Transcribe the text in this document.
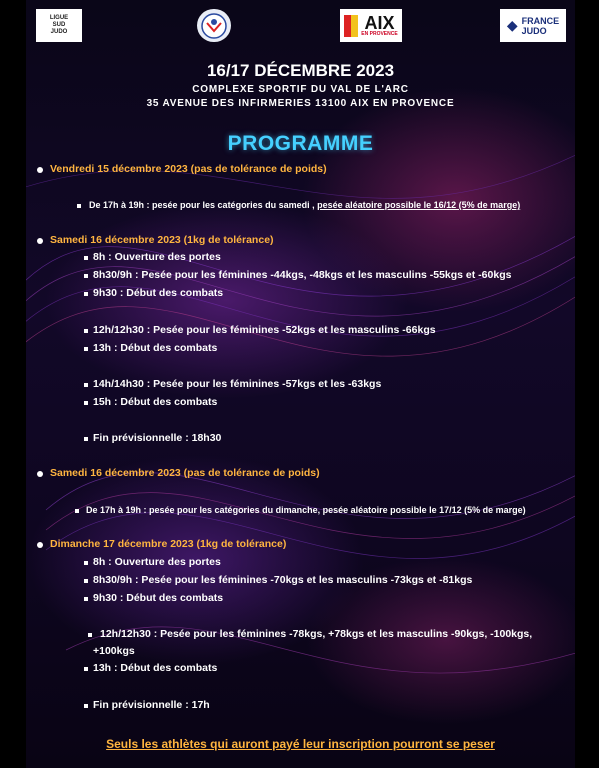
LIGUE
SUD
JUDO	AIX
EN PROVENCE
◆ FRANCE
JUDO
16/17 DÉCEMBRE 2023
COMPLEXE SPORTIF DU VAL DE L'ARC
35 AVENUE DES INFIRMERIES 13100 AIX EN PROVENCE
PROGRAMME
Vendredi 15 décembre 2023 (pas de tolérance de poids)
De 17h à 19h : pesée pour les catégories du samedi , pesée aléatoire possible le 16/12 (5% de marge)
Samedi 16 décembre 2023 (1kg de tolérance)
8h : Ouverture des portes
8h30/9h : Pesée pour les féminines -44kgs, -48kgs et les masculins -55kgs et -60kgs
9h30 : Début des combats
12h/12h30 : Pesée pour les féminines -52kgs et les masculins -66kgs
13h : Début des combats
14h/14h30 : Pesée pour les féminines -57kgs et les -63kgs
15h : Début des combats
Fin prévisionnelle : 18h30
Samedi 16 décembre 2023 (pas de tolérance de poids)
De 17h à 19h : pesée pour les catégories du dimanche, pesée aléatoire possible le 17/12 (5% de marge)
Dimanche 17 décembre 2023 (1kg de tolérance)
8h : Ouverture des portes
8h30/9h : Pesée pour les féminines -70kgs et les masculins -73kgs et -81kgs
9h30 : Début des combats
12h/12h30 : Pesée pour les féminines -78kgs, +78kgs et les masculins -90kgs, -100kgs,
+100kgs
13h : Début des combats
Fin prévisionnelle : 17h
Seuls les athlètes qui auront payé leur inscription pourront se peser
